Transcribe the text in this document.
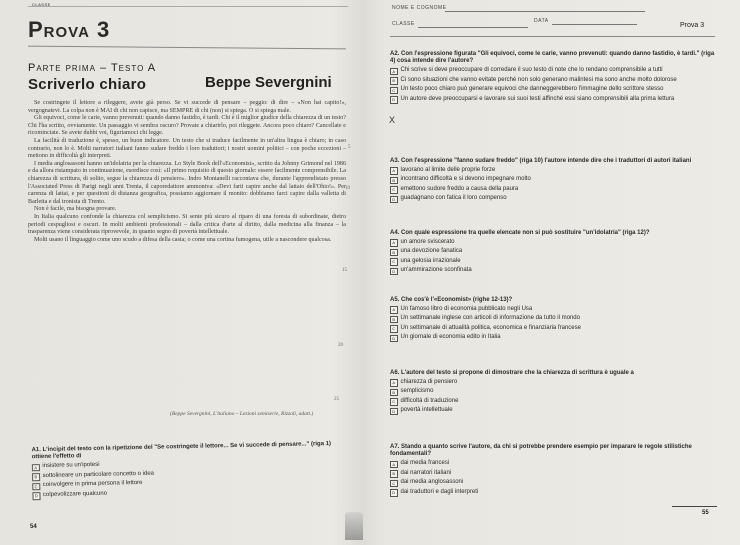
CLASSE
Prova 3
Parte prima – Testo A
Scriverlo chiaro	Beppe Severgnini

Se costringete il lettore a rileggere, avete già perso. Se vi succede di pensare – peggio: di dire – «Non hai capito!», vergognatevi. La colpa non è MAI di chi non capisce, ma SEMPRE di chi (non) si spiega. O si spiega male.

Gli equivoci, come le carie, vanno prevenuti: quando danno fastidio, è tardi. Chi è il miglior giudice della chiarezza di un testo? Chi l'ha scritto, ovviamente. Un passaggio vi sembra oscuro? Provate a chiarirlo, poi rileggete. Ancora poco chiaro? Cancellate e ricominciate. Se avete dubbi voi, figuriamoci chi legge.

La facilità di traduzione è, spesso, un buon indicatore. Un testo che si traduce facilmente in un'altra lingua è chiaro; in caso contrario, non lo è. Molti narratori italiani fanno sudare freddo i loro traduttori; i nostri uomini politici – con poche eccezioni – mettono in difficoltà gli interpreti.

I media anglosassoni hanno un'idolatria per la chiarezza. Lo Style Book dell'«Economist», scritto da Johnny Grimond nel 1986 e da allora ristampato in continuazione, esordisce così: «Il primo requisito di questo giornale: essere facilmente comprensibile. La chiarezza di scrittura, di solito, segue la chiarezza di pensiero». Indro Montanelli raccontava che, durante l'apprendistato presso l'Associated Press di Parigi negli anni Trenta, il caporedattore ammoniva: «Devi farti capire anche dal lattaio dell'Ohio!». Per carenza di lattai, e per questioni di distanza geografica, possiamo aggiornare il monito: dobbiamo farci capire dalla valletta di Barletta e dal tronista di Trento.

Non è facile, ma bisogna provare.

In Italia qualcuno confonde la chiarezza col semplicismo. Si sente più sicuro al riparo di una foresta di subordinate, dietro periodi cespugliosi e oscuri. In molti ambienti professionali – dalla critica d'arte al diritto, dalla medicina alla finanza – la trasparenza viene considerata riprovevole, in quanto segno di povertà intellettuale.

Molti usano il linguaggio come uno scudo a difesa della casta; o come una cortina fumogena, utile a nascondere qualcosa.

5
10
15
20
25
(Beppe Severgnini, L'italiano – Lezioni semiserie, Rizzoli, adatt.)
A1. L'incipit del testo con la ripetizione del "Se costringete il lettore... Se vi succede di pensare..." (riga 1) ottiene l'effetto di
A insistere su un'ipotesi
B sottolineare un particolare concetto o idea
C coinvolgere in prima persona il lettore
D colpevolizzare qualcuno
54
NOME E COGNOME
CLASSE	DATA
Prova 3
A2. Con l'espressione figurata "Gli equivoci, come le carie, vanno prevenuti: quando danno fastidio, è tardi." (riga 4) cosa intende dire l'autore?
A Chi scrive si deve preoccupare di corredare il suo testo di note che lo rendano comprensibile a tutti
B Ci sono situazioni che vanno evitate perché non solo generano malintesi ma sono anche molto dolorose
C Un testo poco chiaro può generare equivoci che danneggerebbero l'immagine dello scrittore stesso
D Un autore deve preoccuparsi e lavorare sui suoi testi affinché essi siano comprensibili alla prima lettura
X
A3. Con l'espressione "fanno sudare freddo" (riga 10) l'autore intende dire che i traduttori di autori italiani
A lavorano al limite delle proprie forze
B incontrano difficoltà e si devono impegnare molto
C emettono sudore freddo a causa della paura
D guadagnano con fatica il loro compenso
A4. Con quale espressione tra quelle elencate non si può sostituire "un'idolatria" (riga 12)?
A un amore sviscerato
B una devozione fanatica
C una gelosia irrazionale
D un'ammirazione sconfinata
A5. Che cos'è l'«Economist» (righe 12-13)?
A Un famoso libro di economia pubblicato negli Usa
B Un settimanale inglese con articoli di informazione da tutto il mondo
C Un settimanale di attualità politica, economica e finanziaria francese
D Un giornale di economia edito in Italia
A6. L'autore del testo si propone di dimostrare che la chiarezza di scrittura è uguale a
A chiarezza di pensiero
B semplicismo
C difficoltà di traduzione
D povertà intellettuale
A7. Stando a quanto scrive l'autore, da chi si potrebbe prendere esempio per imparare le regole stilistiche fondamentali?
A dai media francesi
B dai narratori italiani
C dai media anglosassoni
D dai traduttori e dagli interpreti
55
